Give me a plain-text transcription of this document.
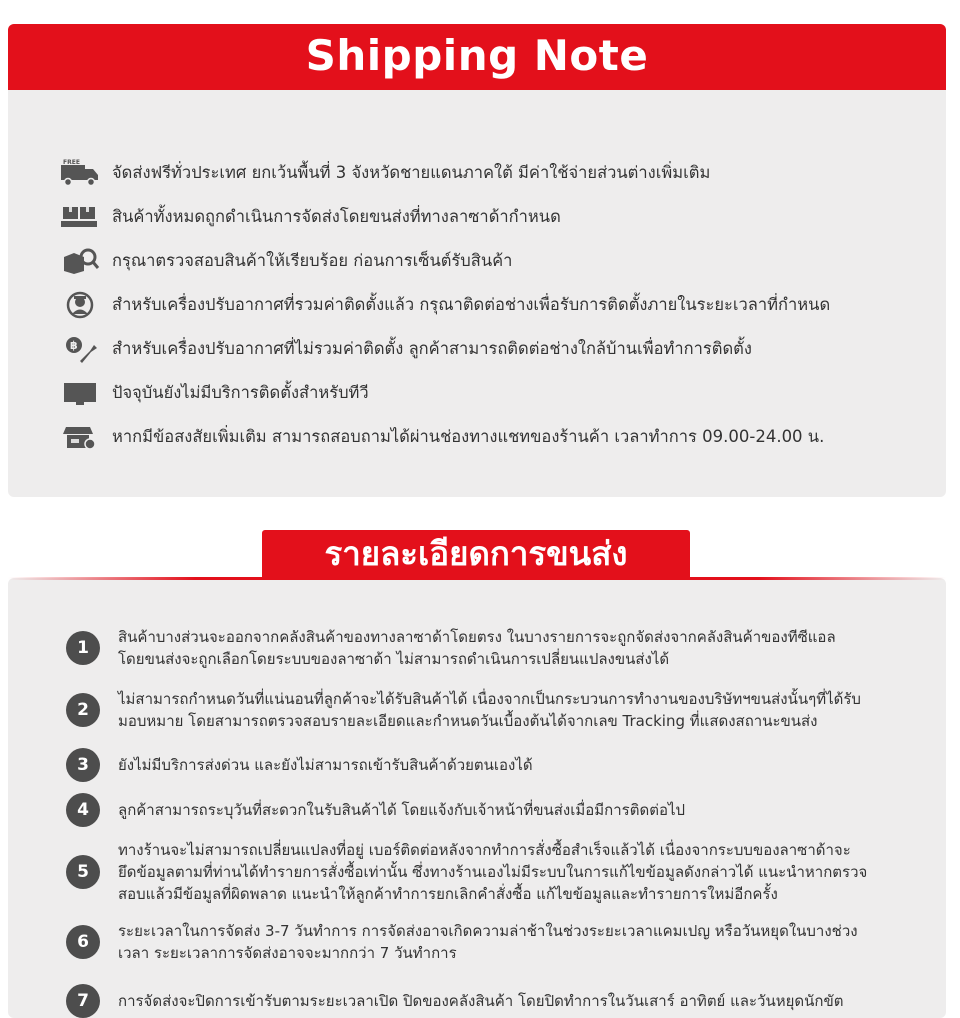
Shipping Note
FREE
จัดส่งฟรีทั่วประเทศ ยกเว้นพื้นที่ 3 จังหวัดชายแดนภาคใต้ มีค่าใช้จ่ายส่วนต่างเพิ่มเติม
สินค้าทั้งหมดถูกดำเนินการจัดส่งโดยขนส่งที่ทางลาซาด้ากำหนด
กรุณาตรวจสอบสินค้าให้เรียบร้อย ก่อนการเซ็นต์รับสินค้า
สำหรับเครื่องปรับอากาศที่รวมค่าติดตั้งแล้ว กรุณาติดต่อช่างเพื่อรับการติดตั้งภายในระยะเวลาที่กำหนด
฿ สำหรับเครื่องปรับอากาศที่ไม่รวมค่าติดตั้ง ลูกค้าสามารถติดต่อช่างใกล้บ้านเพื่อทำการติดตั้ง
ปัจจุบันยังไม่มีบริการติดตั้งสำหรับทีวี
หากมีข้อสงสัยเพิ่มเติม สามารถสอบถามได้ผ่านช่องทางแชทของร้านค้า เวลาทำการ 09.00-24.00 น.
รายละเอียดการขนส่ง
1
สินค้าบางส่วนจะออกจากคลังสินค้าของทางลาซาด้าโดยตรง ในบางรายการจะถูกจัดส่งจากคลังสินค้าของทีซีแอล
โดยขนส่งจะถูกเลือกโดยระบบของลาซาด้า ไม่สามารถดำเนินการเปลี่ยนแปลงขนส่งได้
2
ไม่สามารถกำหนดวันที่แน่นอนที่ลูกค้าจะได้รับสินค้าได้ เนื่องจากเป็นกระบวนการทำงานของบริษัทฯขนส่งนั้นๆที่ได้รับ
มอบหมาย โดยสามารถตรวจสอบรายละเอียดและกำหนดวันเบื้องต้นได้จากเลข Tracking ที่แสดงสถานะขนส่ง
3	ยังไม่มีบริการส่งด่วน และยังไม่สามารถเข้ารับสินค้าด้วยตนเองได้
4	ลูกค้าสามารถระบุวันที่สะดวกในรับสินค้าได้ โดยแจ้งกับเจ้าหน้าที่ขนส่งเมื่อมีการติดต่อไป
5
ทางร้านจะไม่สามารถเปลี่ยนแปลงที่อยู่ เบอร์ติดต่อหลังจากทำการสั่งซื้อสำเร็จแล้วได้ เนื่องจากระบบของลาซาด้าจะ
ยึดข้อมูลตามที่ท่านได้ทำรายการสั่งซื้อเท่านั้น ซึ่งทางร้านเองไม่มีระบบในการแก้ไขข้อมูลดังกล่าวได้ แนะนำหากตรวจ
สอบแล้วมีข้อมูลที่ผิดพลาด แนะนำให้ลูกค้าทำการยกเลิกคำสั่งซื้อ แก้ไขข้อมูลและทำรายการใหม่อีกครั้ง
6
ระยะเวลาในการจัดส่ง 3-7 วันทำการ การจัดส่งอาจเกิดความล่าช้าในช่วงระยะเวลาแคมเปญ หรือวันหยุดในบางช่วง
เวลา ระยะเวลาการจัดส่งอาจจะมากกว่า 7 วันทำการ
7	การจัดส่งจะปิดการเข้ารับตามระยะเวลาเปิด ปิดของคลังสินค้า โดยปิดทำการในวันเสาร์ อาทิตย์ และวันหยุดนักขัต
